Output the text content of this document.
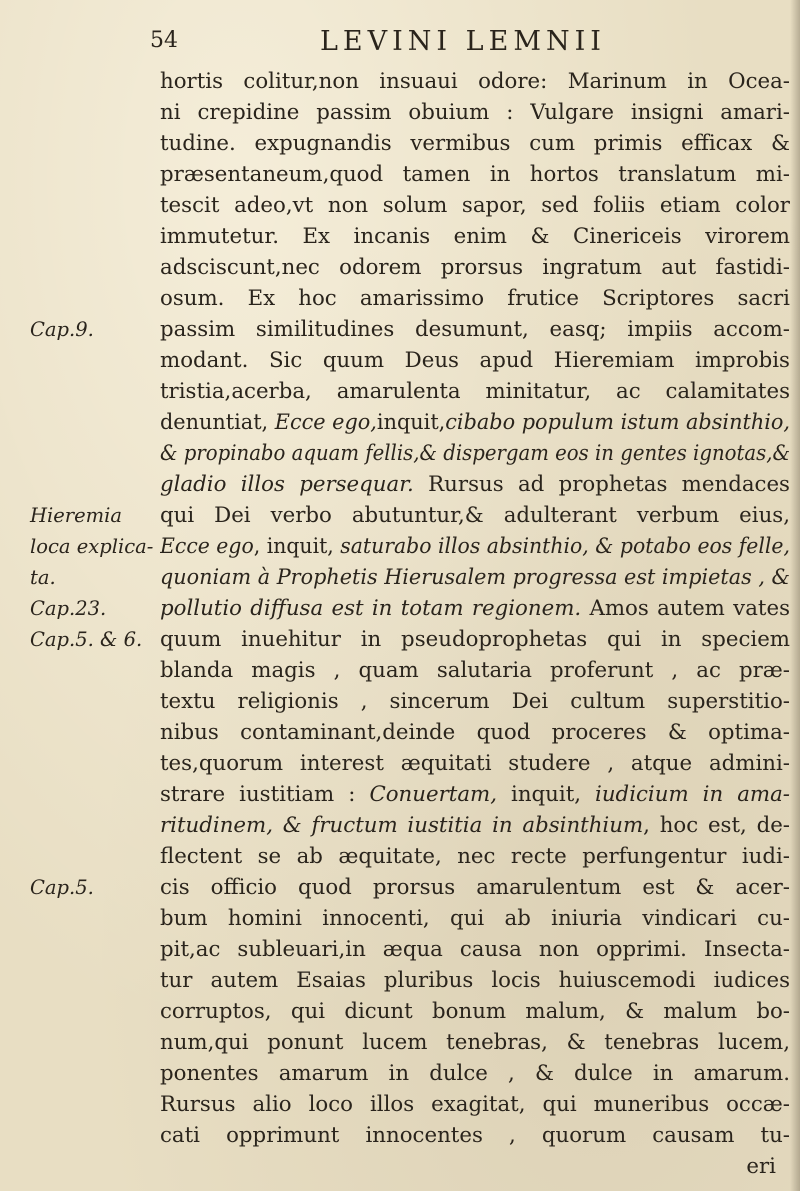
54	LEVINI LEMNII
Cap.9.
Hieremia
loca explica-
ta.
Cap.23.
Cap.5. & 6.
Cap.5.
hortis colitur,non insuaui odore: Marinum in Ocea-
ni crepidine passim obuium : Vulgare insigni amari-
tudine. expugnandis vermibus cum primis efficax &
præsentaneum,quod tamen in hortos translatum mi-
tescit adeo,vt non solum sapor, sed foliis etiam color
immutetur. Ex incanis enim & Cinericeis virorem
adsciscunt,nec odorem prorsus ingratum aut fastidi-
osum. Ex hoc amarissimo frutice Scriptores sacri
passim similitudines desumunt, easq; impiis accom-
modant. Sic quum Deus apud Hieremiam improbis
tristia,acerba, amarulenta minitatur, ac calamitates
denuntiat, Ecce ego,inquit,cibabo populum istum absinthio,
& propinabo aquam fellis,& dispergam eos in gentes ignotas,&
gladio illos persequar. Rursus ad prophetas mendaces
qui Dei verbo abutuntur,& adulterant verbum eius,
Ecce ego, inquit, saturabo illos absinthio, & potabo eos felle,
quoniam à Prophetis Hierusalem progressa est impietas , &
pollutio diffusa est in totam regionem. Amos autem vates
quum inuehitur in pseudoprophetas qui in speciem
blanda magis , quam salutaria proferunt , ac præ-
textu religionis , sincerum Dei cultum superstitio-
nibus contaminant,deinde quod proceres & optima-
tes,quorum interest æquitati studere , atque admini-
strare iustitiam : Conuertam, inquit, iudicium in ama-
ritudinem, & fructum iustitia in absinthium, hoc est, de-
flectent se ab æquitate, nec recte perfungentur iudi-
cis officio quod prorsus amarulentum est & acer-
bum homini innocenti, qui ab iniuria vindicari cu-
pit,ac subleuari,in æqua causa non opprimi. Insecta-
tur autem Esaias pluribus locis huiuscemodi iudices
corruptos, qui dicunt bonum malum, & malum bo-
num,qui ponunt lucem tenebras, & tenebras lucem,
ponentes amarum in dulce , & dulce in amarum.
Rursus alio loco illos exagitat, qui muneribus occæ-
cati opprimunt innocentes , quorum causam tu-
eri
